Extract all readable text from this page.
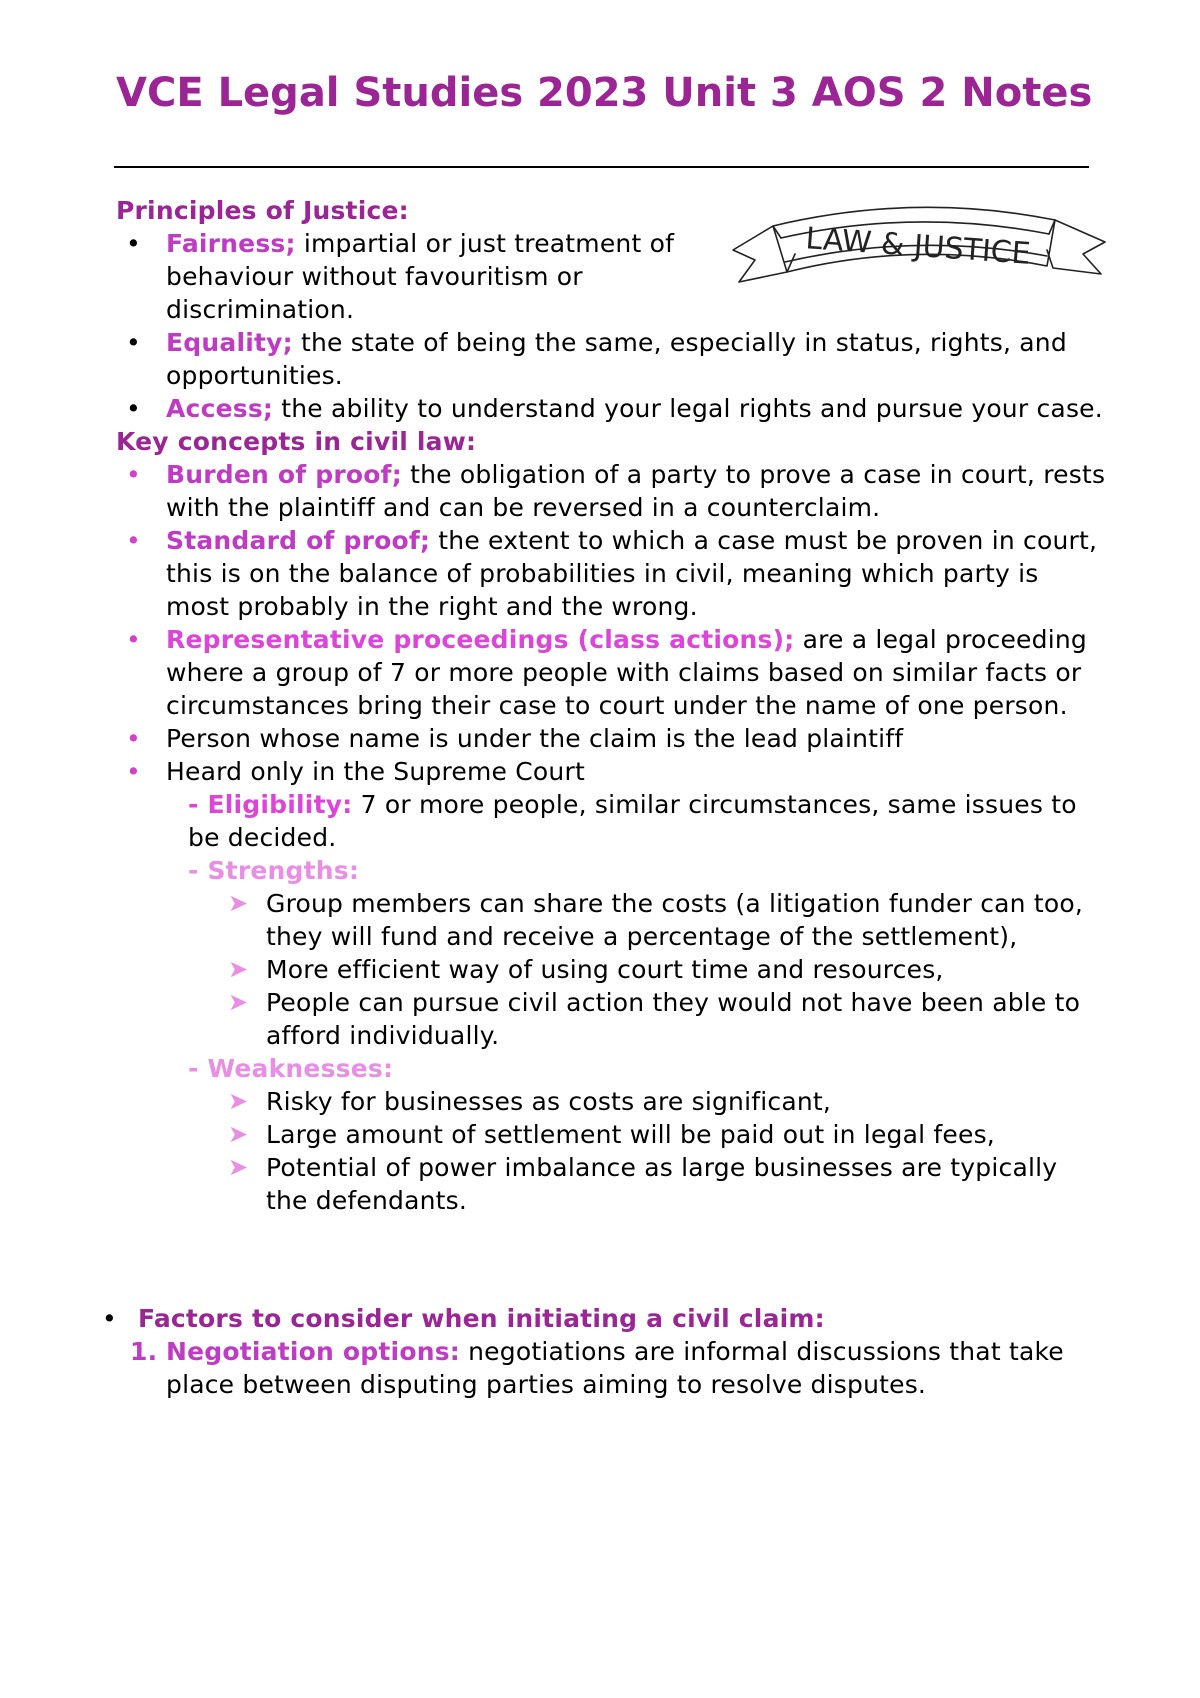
VCE Legal Studies 2023 Unit 3 AOS 2 Notes
LAW & JUSTICE

Principles of Justice:

• Fairness; impartial or just treatment of behaviour without favouritism or discrimination.
• Equality; the state of being the same, especially in status, rights, and opportunities.
• Access; the ability to understand your legal rights and pursue your case.

Key concepts in civil law:

• Burden of proof; the obligation of a party to prove a case in court, rests with the plaintiff and can be reversed in a counterclaim.
• Standard of proof; the extent to which a case must be proven in court, this is on the balance of probabilities in civil, meaning which party is most probably in the right and the wrong.
• Representative proceedings (class actions); are a legal proceeding where a group of 7 or more people with claims based on similar facts or circumstances bring their case to court under the name of one person.
• Person whose name is under the claim is the lead plaintiff
• Heard only in the Supreme Court
- Eligibility: 7 or more people, similar circumstances, same issues to be decided.
- Strengths:
➤ Group members can share the costs (a litigation funder can too, they will fund and receive a percentage of the settlement),
➤ More efficient way of using court time and resources,
➤ People can pursue civil action they would not have been able to afford individually.
- Weaknesses:
➤ Risky for businesses as costs are significant,
➤ Large amount of settlement will be paid out in legal fees,
➤ Potential of power imbalance as large businesses are typically the defendants.
• Factors to consider when initiating a civil claim:
1. Negotiation options: negotiations are informal discussions that take place between disputing parties aiming to resolve disputes.
